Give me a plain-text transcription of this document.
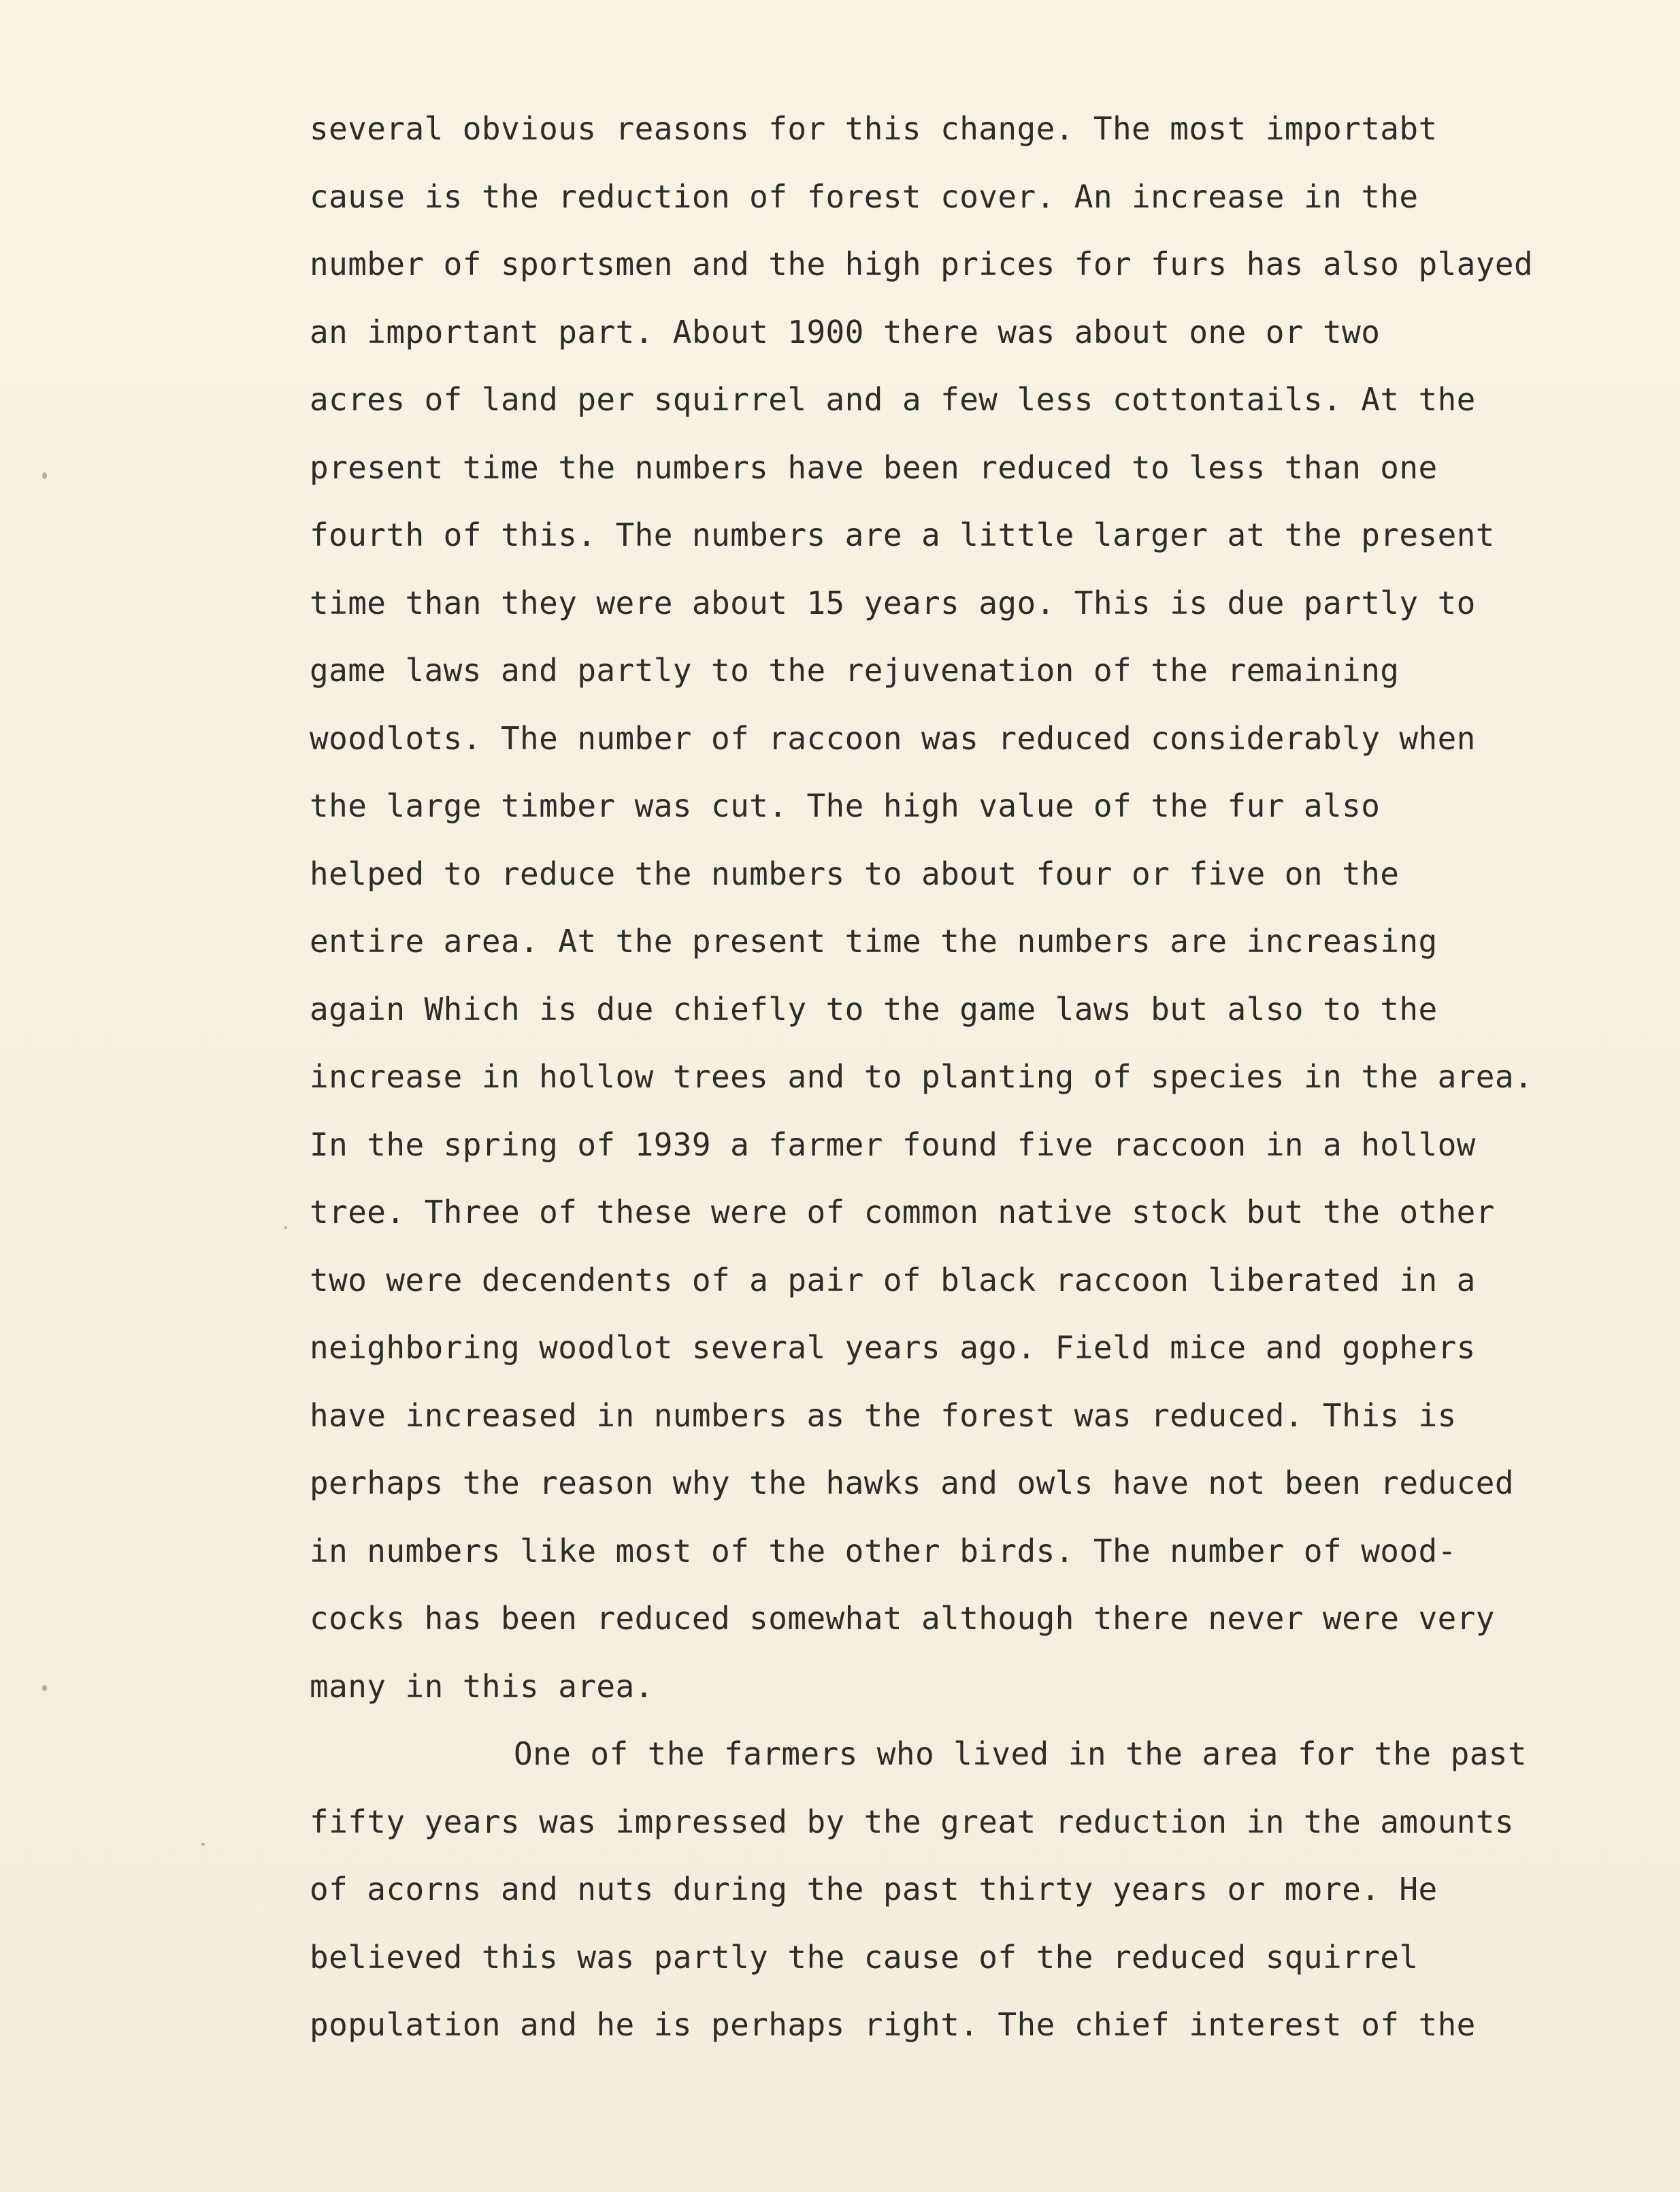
several obvious reasons for this change. The most importabt
cause is the reduction of forest cover. An increase in the
number of sportsmen and the high prices for furs has also played
an important part. About 1900 there was about one or two
acres of land per squirrel and a few less cottontails. At the
present time the numbers have been reduced to less than one
fourth of this. The numbers are a little larger at the present
time than they were about 15 years ago. This is due partly to
game laws and partly to the rejuvenation of the remaining
woodlots. The number of raccoon was reduced considerably when
the large timber was cut. The high value of the fur also
helped to reduce the numbers to about four or five on the
entire area. At the present time the numbers are increasing
again Which is due chiefly to the game laws but also to the
increase in hollow trees and to planting of species in the area.
In the spring of 1939 a farmer found five raccoon in a hollow
tree. Three of these were of common native stock but the other
two were decendents of a pair of black raccoon liberated in a
neighboring woodlot several years ago. Field mice and gophers
have increased in numbers as the forest was reduced. This is
perhaps the reason why the hawks and owls have not been reduced
in numbers like most of the other birds. The number of wood-
cocks has been reduced somewhat although there never were very
many in this area.
One of the farmers who lived in the area for the past
fifty years was impressed by the great reduction in the amounts
of acorns and nuts during the past thirty years or more. He
believed this was partly the cause of the reduced squirrel
population and he is perhaps right. The chief interest of the
